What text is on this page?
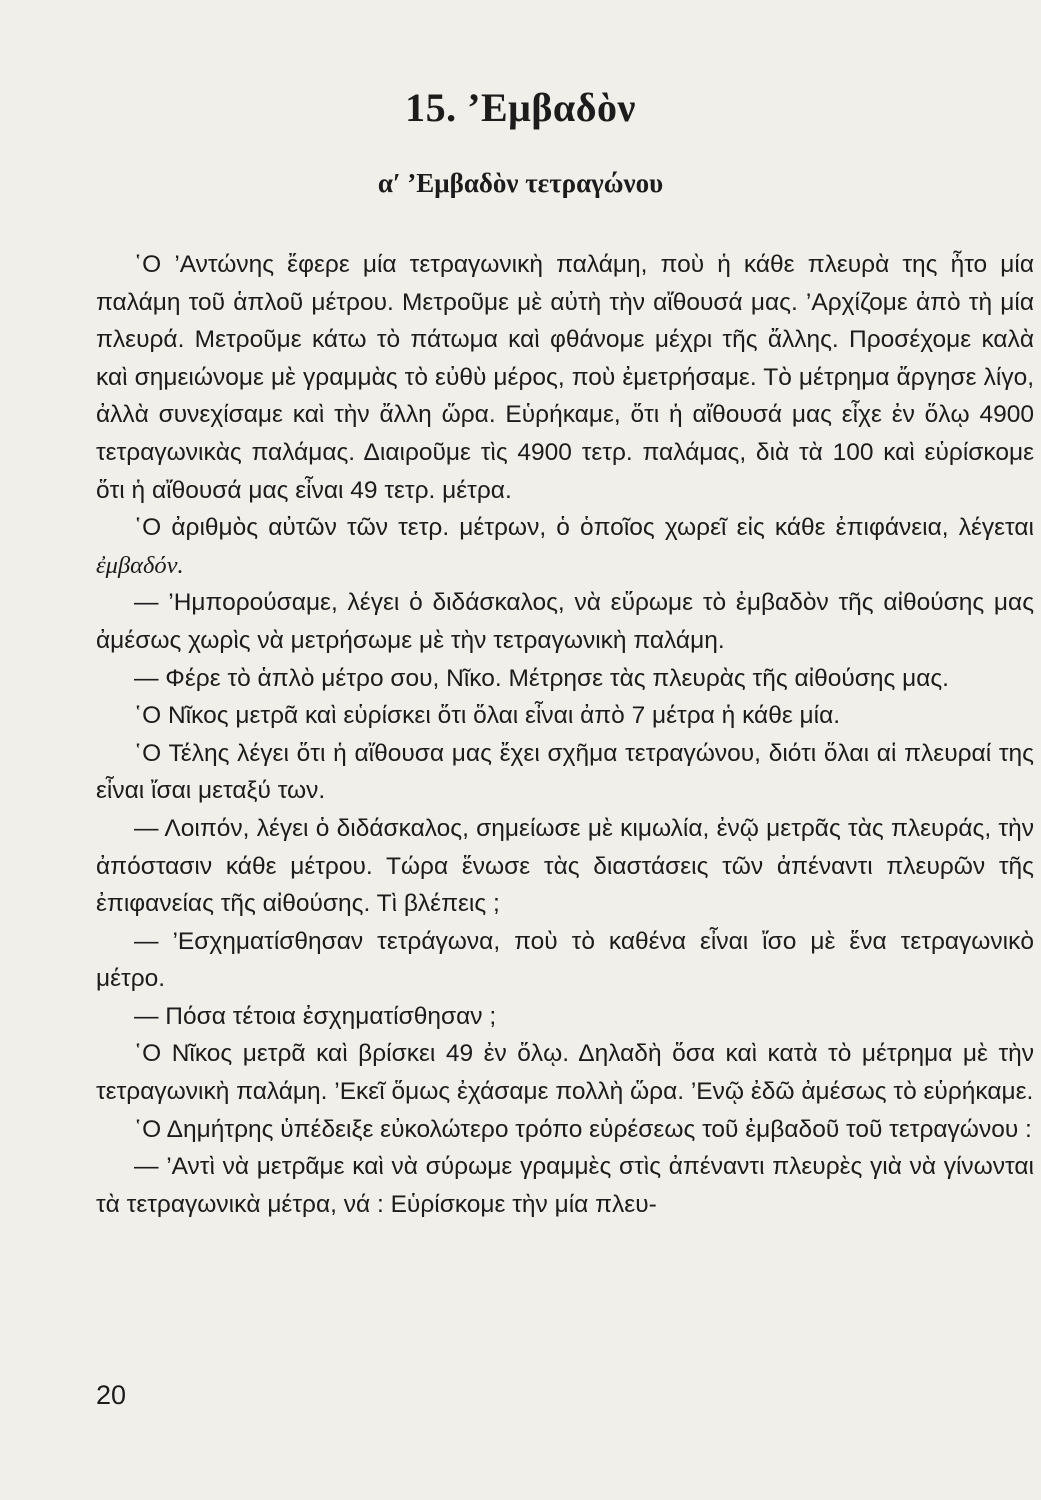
15. ’Εμβαδὸν
α′ ’Εμβαδὸν τετραγώνου

῾Ο ’Αντώνης ἔφερε μία τετραγωνικὴ παλάμη, ποὺ ἡ κάθε πλευρὰ της ἦτο μία παλάμη τοῦ ἁπλοῦ μέτρου. Μετροῦμε μὲ αὐτὴ τὴν αἴθουσά μας. ’Αρχίζομε ἀπὸ τὴ μία πλευρά. Μετροῦμε κάτω τὸ πάτωμα καὶ φθάνομε μέχρι τῆς ἄλλης. Προσέχομε καλὰ καὶ σημειώνομε μὲ γραμμὰς τὸ εὐθὺ μέρος, ποὺ ἐμετρήσαμε. Τὸ μέτρημα ἄργησε λίγο, ἀλλὰ συνεχίσαμε καὶ τὴν ἄλλη ὥρα. Εὑρήκαμε, ὅτι ἡ αἴθουσά μας εἶχε ἐν ὅλῳ 4900 τετραγωνικὰς παλάμας. Διαιροῦμε τὶς 4900 τετρ. παλάμας, διὰ τὰ 100 καὶ εὑρίσκομε ὅτι ἡ αἴθουσά μας εἶναι 49 τετρ. μέτρα.

῾Ο ἀριθμὸς αὐτῶν τῶν τετρ. μέτρων, ὁ ὁποῖος χωρεῖ εἰς κάθε ἐπιφάνεια, λέγεται ἐμβαδόν.

— ’Ημπορούσαμε, λέγει ὁ διδάσκαλος, νὰ εὕρωμε τὸ ἐμβαδὸν τῆς αἰθούσης μας ἀμέσως χωρὶς νὰ μετρήσωμε μὲ τὴν τετραγωνικὴ παλάμη.

— Φέρε τὸ ἁπλὸ μέτρο σου, Νῖκο. Μέτρησε τὰς πλευρὰς τῆς αἰθούσης μας.

῾Ο Νῖκος μετρᾶ καὶ εὑρίσκει ὅτι ὅλαι εἶναι ἀπὸ 7 μέτρα ἡ κάθε μία.

῾Ο Τέλης λέγει ὅτι ἡ αἴθουσα μας ἔχει σχῆμα τετραγώνου, διότι ὅλαι αἱ πλευραί της εἶναι ἴσαι μεταξύ των.

— Λοιπόν, λέγει ὁ διδάσκαλος, σημείωσε μὲ κιμωλία, ἐνῷ μετρᾶς τὰς πλευράς, τὴν ἀπόστασιν κάθε μέτρου. Τώρα ἕνωσε τὰς διαστάσεις τῶν ἀπέναντι πλευρῶν τῆς ἐπιφανείας τῆς αἰθούσης. Τὶ βλέπεις ;

— ’Εσχηματίσθησαν τετράγωνα, ποὺ τὸ καθένα εἶναι ἴσο μὲ ἕνα τετραγωνικὸ μέτρο.

— Πόσα τέτοια ἐσχηματίσθησαν ;

῾Ο Νῖκος μετρᾶ καὶ βρίσκει 49 ἐν ὅλῳ. Δηλαδὴ ὅσα καὶ κατὰ τὸ μέτρημα μὲ τὴν τετραγωνικὴ παλάμη. ’Εκεῖ ὅμως ἐχάσαμε πολλὴ ὥρα. ’Ενῷ ἐδῶ ἀμέσως τὸ εὑρήκαμε.

῾Ο Δημήτρης ὑπέδειξε εὐκολώτερο τρόπο εὑρέσεως τοῦ ἐμβαδοῦ τοῦ τετραγώνου :

— ’Αντὶ νὰ μετρᾶμε καὶ νὰ σύρωμε γραμμὲς στὶς ἀπέναντι πλευρὲς γιὰ νὰ γίνωνται τὰ τετραγωνικὰ μέτρα, νά : Εὑρίσκομε τὴν μία πλευ-

20
